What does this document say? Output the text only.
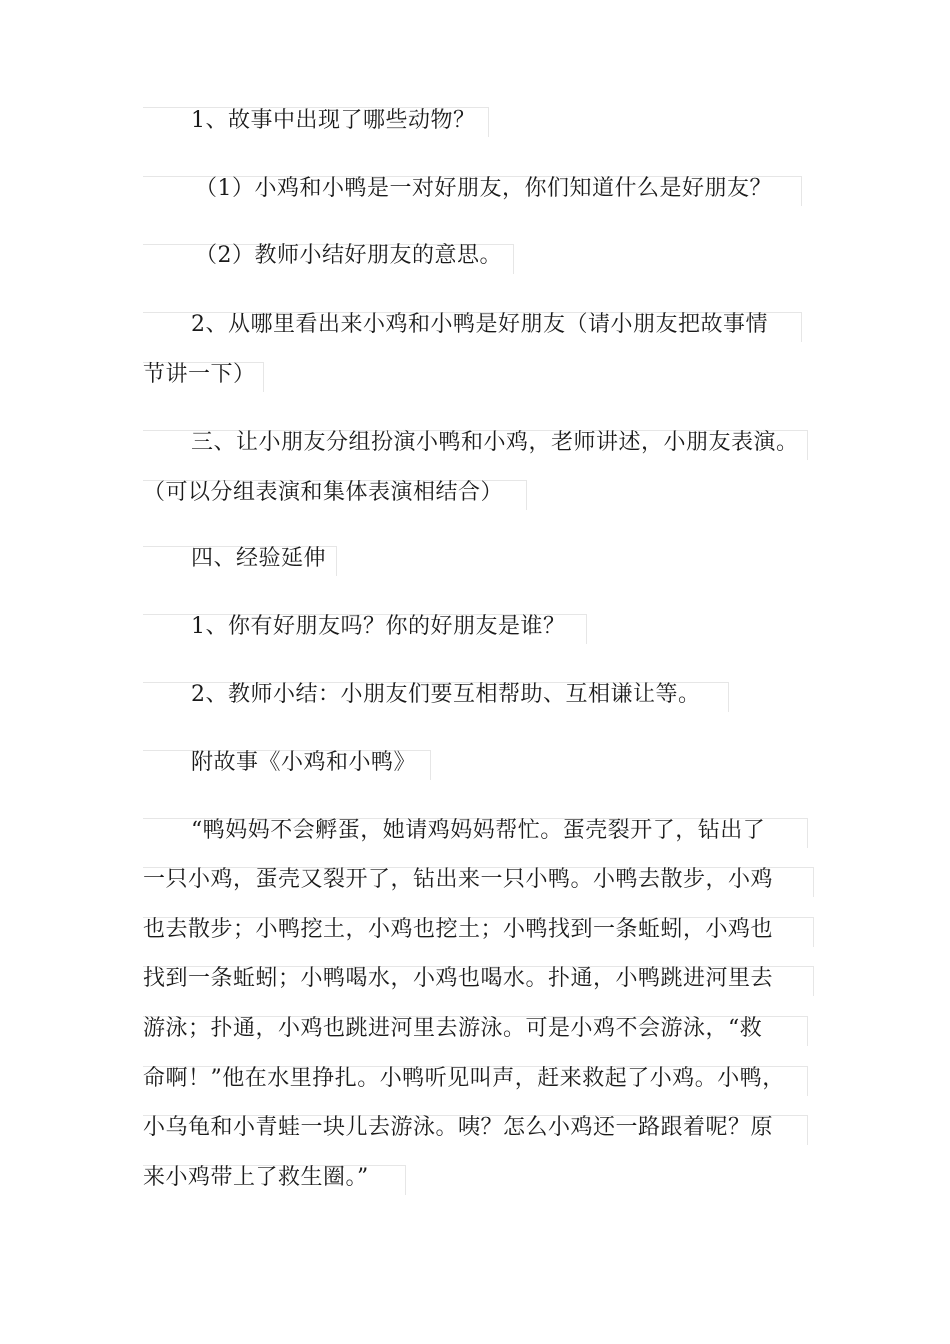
1、故事中出现了哪些动物？
（1）小鸡和小鸭是一对好朋友，你们知道什么是好朋友？
（2）教师小结好朋友的意思。
2、从哪里看出来小鸡和小鸭是好朋友（请小朋友把故事情
节讲一下）
三、让小朋友分组扮演小鸭和小鸡，老师讲述，小朋友表演。
（可以分组表演和集体表演相结合）
四、经验延伸
1、你有好朋友吗？你的好朋友是谁？
2、教师小结：小朋友们要互相帮助、互相谦让等。
附故事《小鸡和小鸭》
“鸭妈妈不会孵蛋，她请鸡妈妈帮忙。蛋壳裂开了，钻出了
一只小鸡，蛋壳又裂开了，钻出来一只小鸭。小鸭去散步，小鸡
也去散步；小鸭挖土，小鸡也挖土；小鸭找到一条蚯蚓，小鸡也
找到一条蚯蚓；小鸭喝水，小鸡也喝水。扑通，小鸭跳进河里去
游泳；扑通，小鸡也跳进河里去游泳。可是小鸡不会游泳，“救
命啊！”他在水里挣扎。小鸭听见叫声，赶来救起了小鸡。小鸭，
小乌龟和小青蛙一块儿去游泳。咦？怎么小鸡还一路跟着呢？原
来小鸡带上了救生圈。”
